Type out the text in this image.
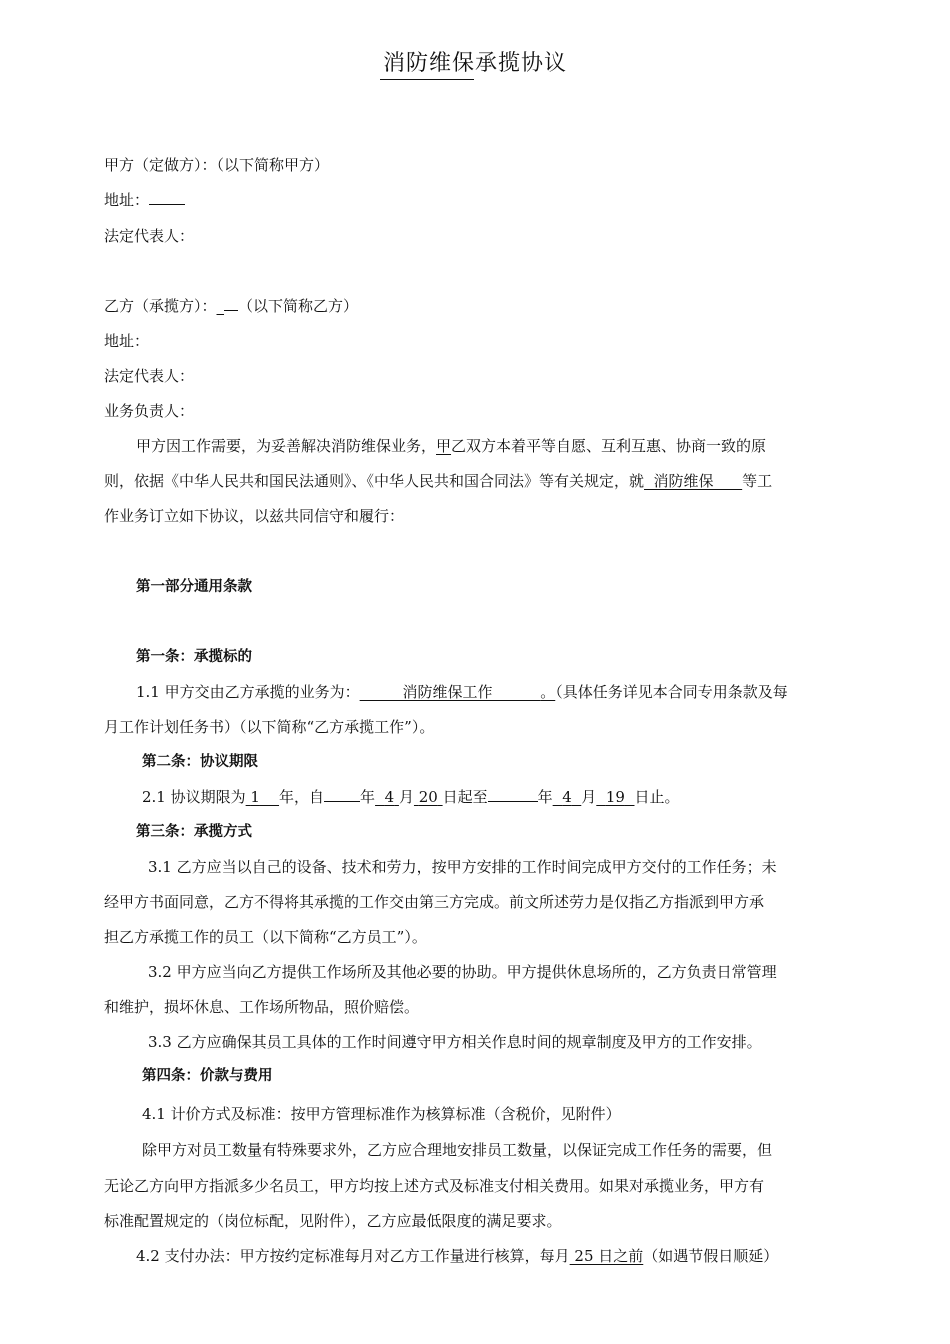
消防维保承揽协议
甲方（定做方）：（以下简称甲方）
地址：
法定代表人：
乙方（承揽方）：_ （以下简称乙方）
地址：
法定代表人：
业务负责人：
甲方因工作需要，为妥善解决消防维保业务，甲乙双方本着平等自愿、互利互惠、协商一致的原
则，依据《中华人民共和国民法通则》、《中华人民共和国合同法》等有关规定，就  消防维保      等工
作业务订立如下协议，以兹共同信守和履行：
第一部分通用条款
第一条：承揽标的
1.1 甲方交由乙方承揽的业务为：         消防维保工作          。（具体任务详见本合同专用条款及每
月工作计划任务书）（以下简称“乙方承揽工作”）。
第二条：协议期限
2.1 协议期限为 1 年，自 年 4 月 20 日起至	年 4 月 19 日止。
第三条：承揽方式
3.1 乙方应当以自己的设备、技术和劳力，按甲方安排的工作时间完成甲方交付的工作任务；未
经甲方书面同意，乙方不得将其承揽的工作交由第三方完成。前文所述劳力是仅指乙方指派到甲方承
担乙方承揽工作的员工（以下简称“乙方员工”）。
3.2 甲方应当向乙方提供工作场所及其他必要的协助。甲方提供休息场所的，乙方负责日常管理
和维护，损坏休息、工作场所物品，照价赔偿。
3.3 乙方应确保其员工具体的工作时间遵守甲方相关作息时间的规章制度及甲方的工作安排。
第四条：价款与费用
4.1 计价方式及标准：按甲方管理标准作为核算标准（含税价，见附件）
除甲方对员工数量有特殊要求外，乙方应合理地安排员工数量，以保证完成工作任务的需要，但
无论乙方向甲方指派多少名员工，甲方均按上述方式及标准支付相关费用。如果对承揽业务，甲方有
标准配置规定的（岗位标配，见附件），乙方应最低限度的满足要求。
4.2 支付办法：甲方按约定标准每月对乙方工作量进行核算，每月 25 日之前（如遇节假日顺延）
